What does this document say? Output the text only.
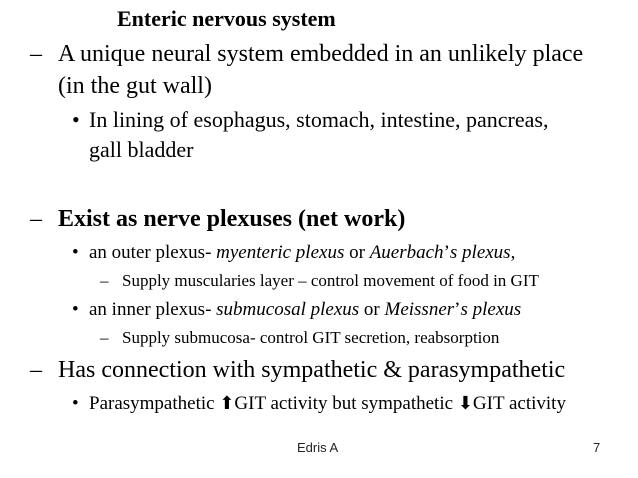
Enteric nervous system
– A unique neural system embedded in an unlikely place
(in the gut wall)
• In lining of esophagus, stomach, intestine, pancreas,
gall bladder
– Exist as nerve plexuses (net work)
• an outer plexus- myenteric plexus or Auerbach’s plexus,
– Supply muscularies layer – control movement of food in GIT
• an inner plexus- submucosal plexus or Meissner’s plexus
– Supply submucosa- control GIT secretion, reabsorption
– Has connection with sympathetic & parasympathetic
• Parasympathetic ⬆GIT activity but sympathetic ⬇GIT activity
Edris A	7
